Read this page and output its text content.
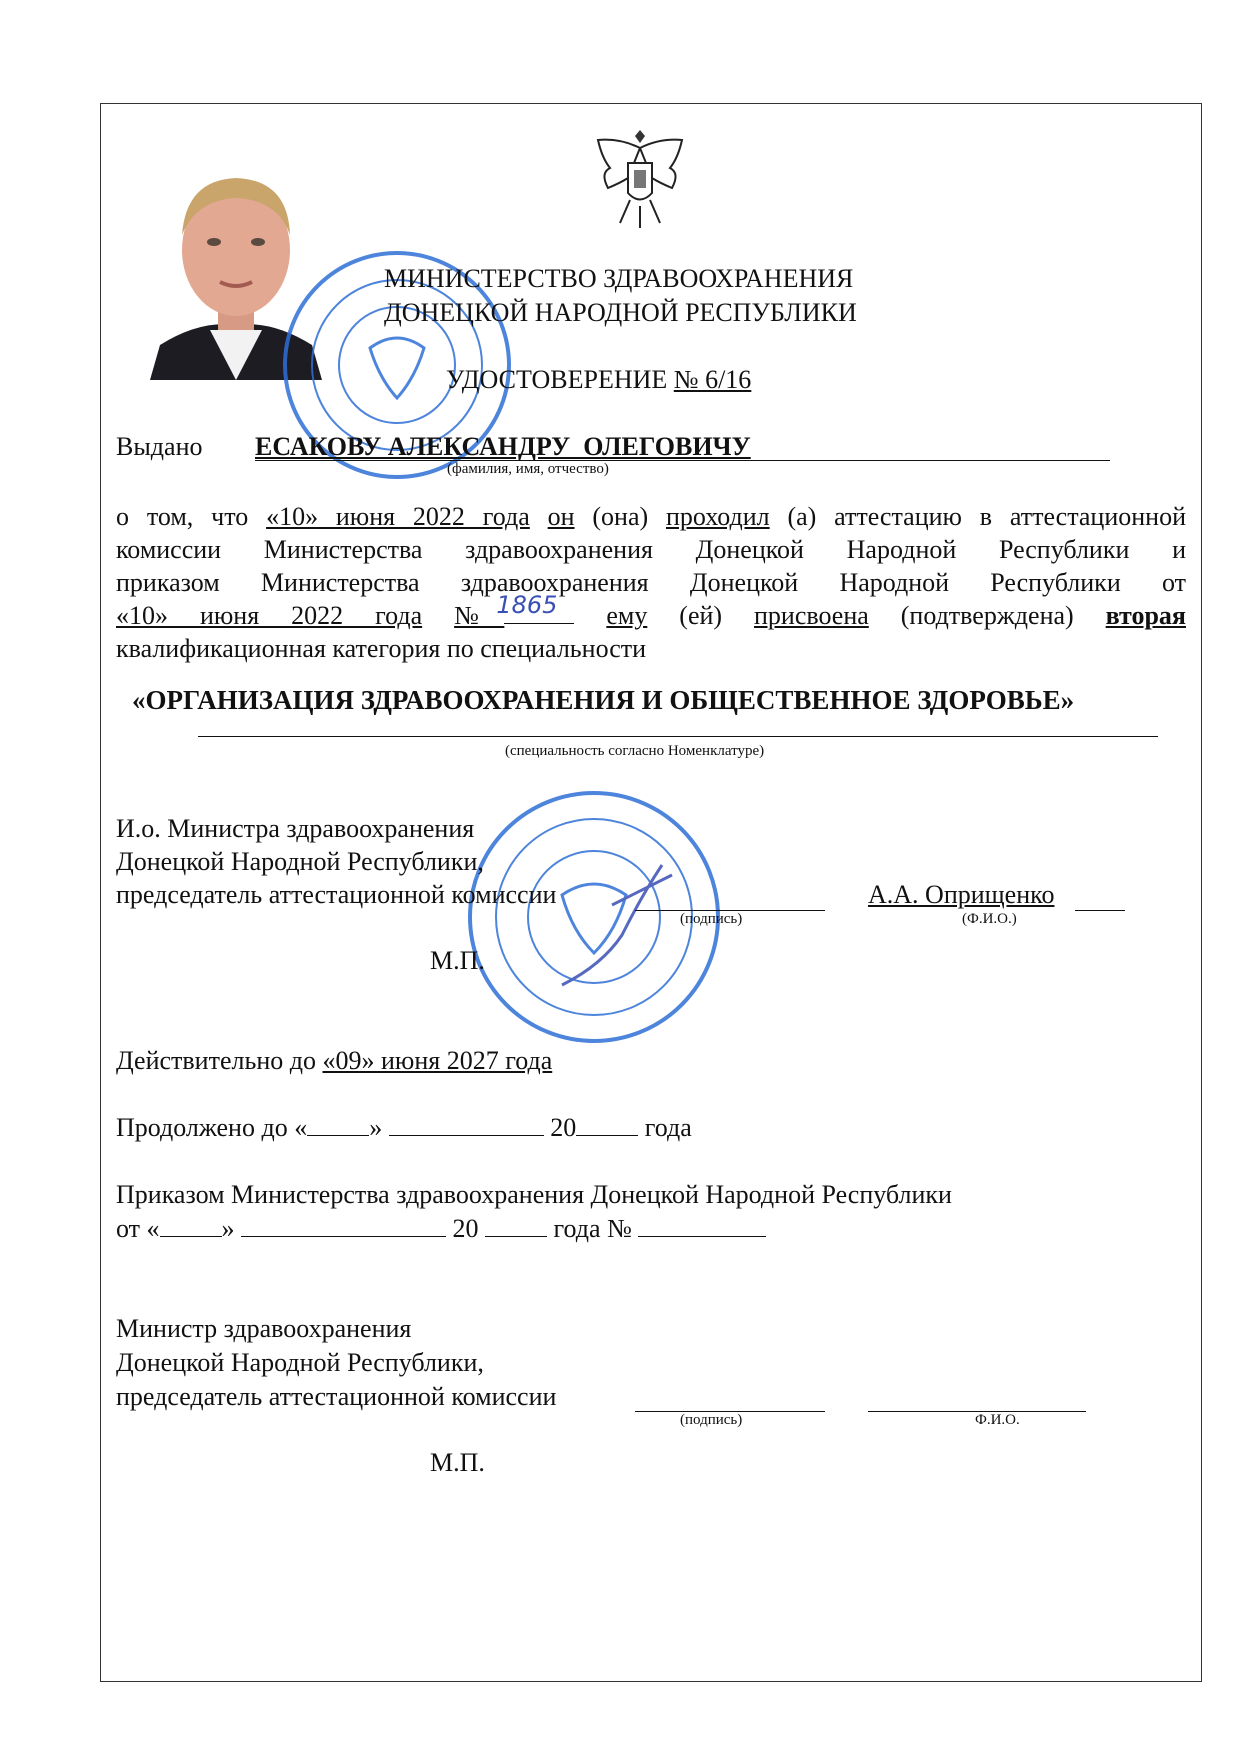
МИНИСТЕРСТВО ЗДРАВООХРАНЕНИЯ
ДОНЕЦКОЙ НАРОДНОЙ РЕСПУБЛИКИ
УДОСТОВЕРЕНИЕ № 6/16
Выдано ЕСАКОВУ АЛЕКСАНДРУ  ОЛЕГОВИЧУ
(фамилия, имя, отчество)
о том, что «10» июня 2022 года он (она) проходил (а) аттестацию в аттестационной
комиссии Министерства здравоохранения Донецкой Народной Республики и
приказом Министерства здравоохранения Донецкой Народной Республики от
«10» июня 2022 года №
1865 ему (ей) присвоена (подтверждена) вторая
квалификационная категория по специальности
«ОРГАНИЗАЦИЯ ЗДРАВООХРАНЕНИЯ И ОБЩЕСТВЕННОЕ ЗДОРОВЬЕ»
(специальность согласно Номенклатуре)
И.о. Министра здравоохранения
Донецкой Народной Республики,
председатель аттестационной комиссии
(подпись)
А.А. Оприщенко
(Ф.И.О.)
М.П.
Действительно до «09» июня 2027 года
Продолжено до « »	20	года
Приказом Министерства здравоохранения Донецкой Народной Республики
от « »	20	года №
Министр здравоохранения
Донецкой Народной Республики,
председатель аттестационной комиссии
(подпись)	Ф.И.О.
М.П.
